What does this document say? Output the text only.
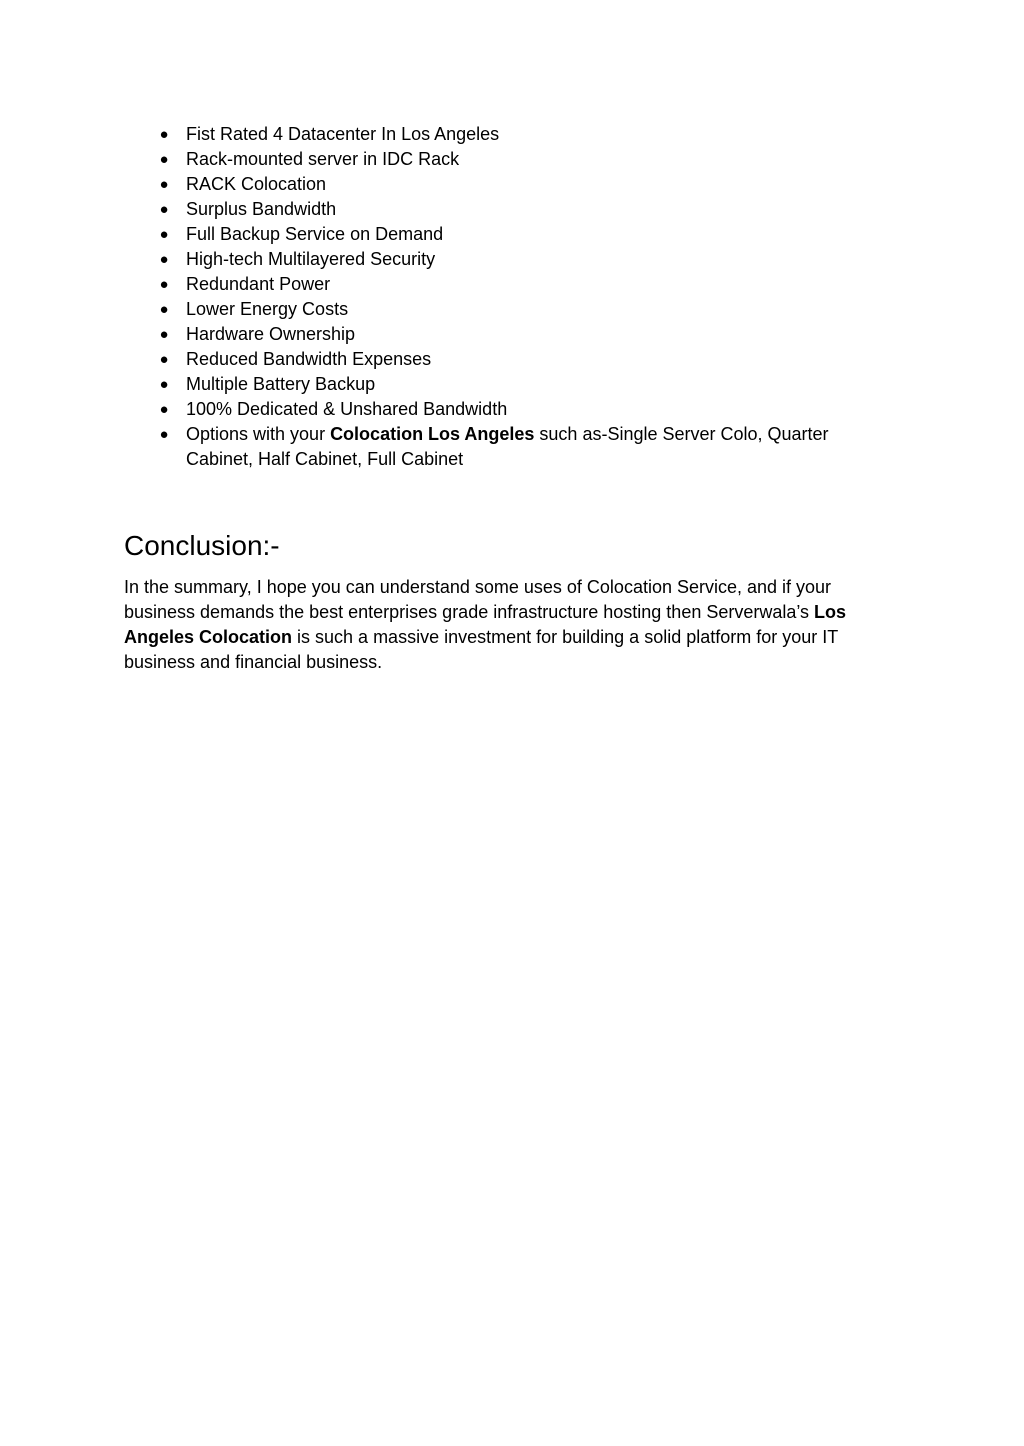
● Fist Rated 4 Datacenter In Los Angeles
● Rack-mounted server in IDC Rack
● RACK Colocation
● Surplus Bandwidth
● Full Backup Service on Demand
● High-tech Multilayered Security
● Redundant Power
● Lower Energy Costs
● Hardware Ownership
● Reduced Bandwidth Expenses
● Multiple Battery Backup
● 100% Dedicated & Unshared Bandwidth
● Options with your Colocation Los Angeles such as-Single Server Colo, Quarter Cabinet, Half Cabinet, Full Cabinet
Conclusion:-

In the summary, I hope you can understand some uses of Colocation Service, and if your business demands the best enterprises grade infrastructure hosting then Serverwala’s Los Angeles Colocation is such a massive investment for building a solid platform for your IT business and financial business.
